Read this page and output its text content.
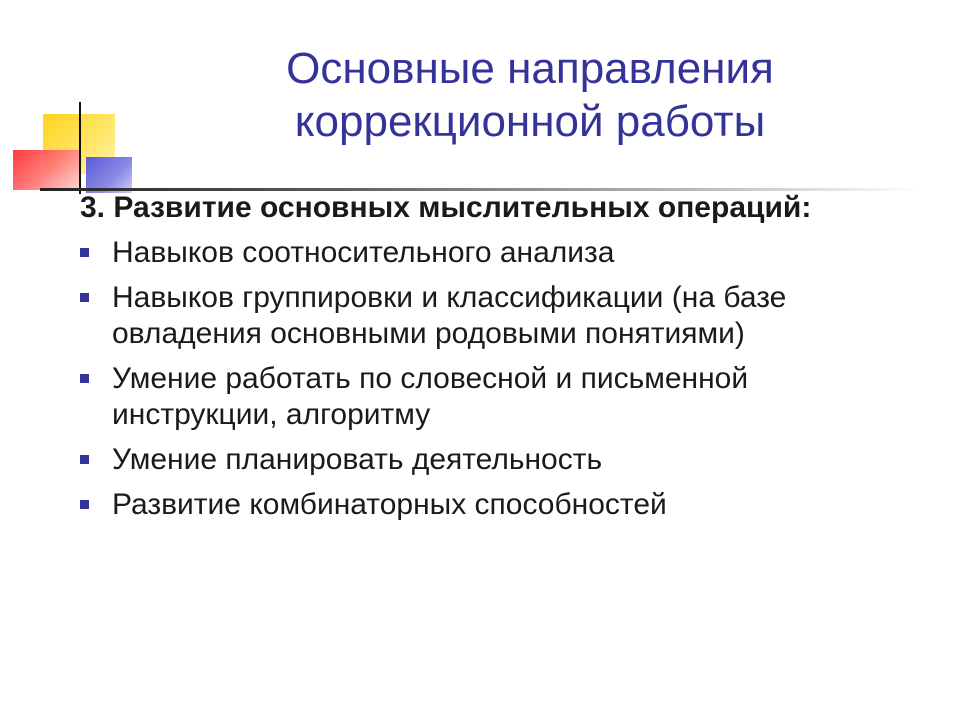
Основные направления
коррекционной работы
3. Развитие основных мыслительных операций:
Навыков соотносительного анализа
Навыков группировки и классификации (на базе овладения основными родовыми понятиями)
Умение работать по словесной и письменной инструкции, алгоритму
Умение планировать деятельность
Развитие комбинаторных способностей
